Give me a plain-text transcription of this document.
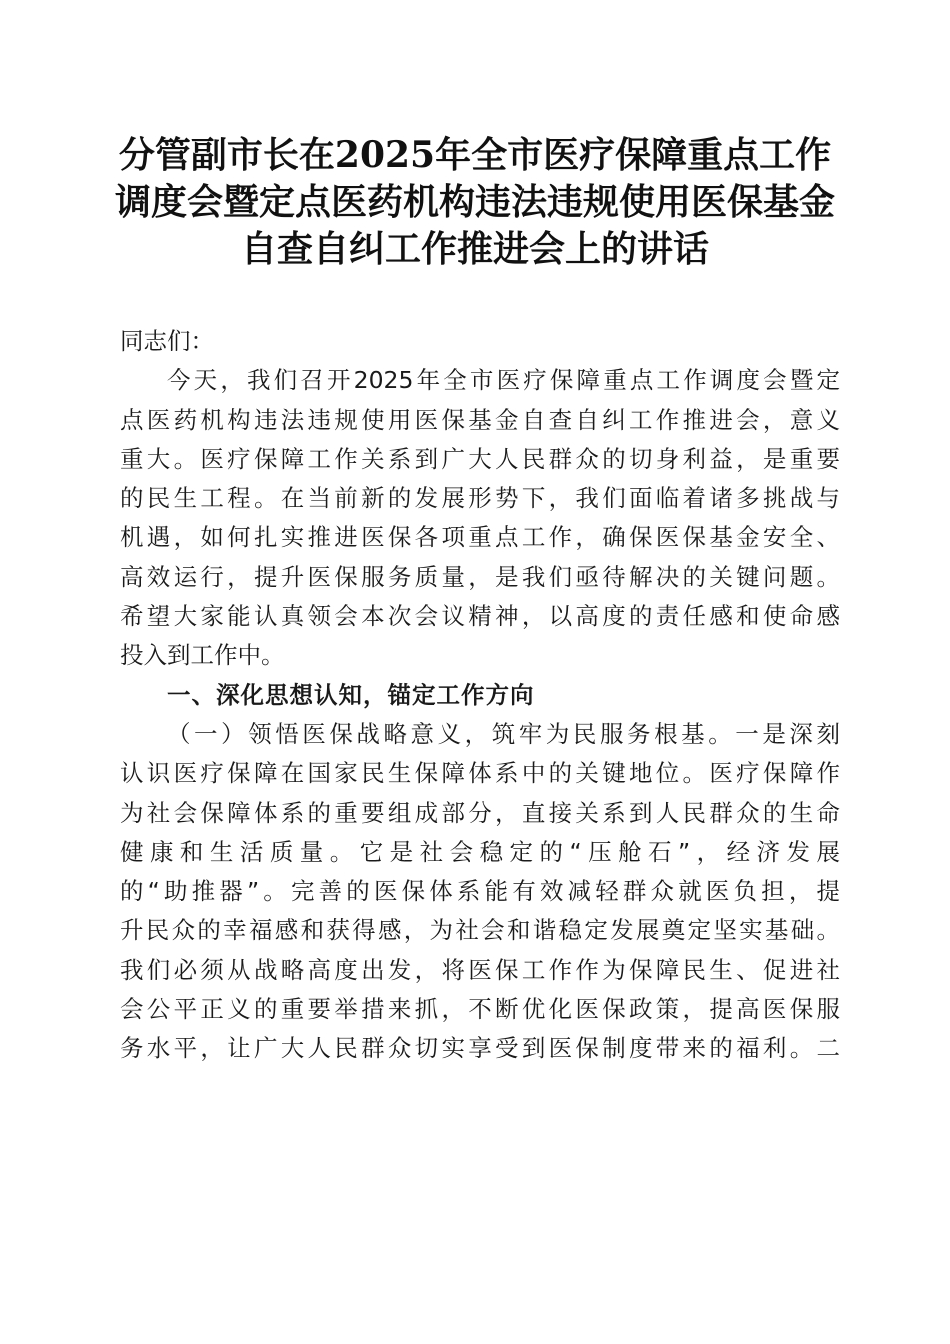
分管副市长在2025年全市医疗保障重点工作
调度会暨定点医药机构违法违规使用医保基金
自查自纠工作推进会上的讲话
同志们：
今天，我们召开2025年全市医疗保障重点工作调度会暨定
点医药机构违法违规使用医保基金自查自纠工作推进会，意义
重大。医疗保障工作关系到广大人民群众的切身利益，是重要
的民生工程。在当前新的发展形势下，我们面临着诸多挑战与
机遇，如何扎实推进医保各项重点工作，确保医保基金安全、
高效运行，提升医保服务质量，是我们亟待解决的关键问题。
希望大家能认真领会本次会议精神，以高度的责任感和使命感
投入到工作中。
一、深化思想认知，锚定工作方向
（一）领悟医保战略意义，筑牢为民服务根基。一是深刻
认识医疗保障在国家民生保障体系中的关键地位。医疗保障作
为社会保障体系的重要组成部分，直接关系到人民群众的生命
健康和生活质量。它是社会稳定的“压舱石”，经济发展
的“助推器”。完善的医保体系能有效减轻群众就医负担，提
升民众的幸福感和获得感，为社会和谐稳定发展奠定坚实基础。
我们必须从战略高度出发，将医保工作作为保障民生、促进社
会公平正义的重要举措来抓，不断优化医保政策，提高医保服
务水平，让广大人民群众切实享受到医保制度带来的福利。二
